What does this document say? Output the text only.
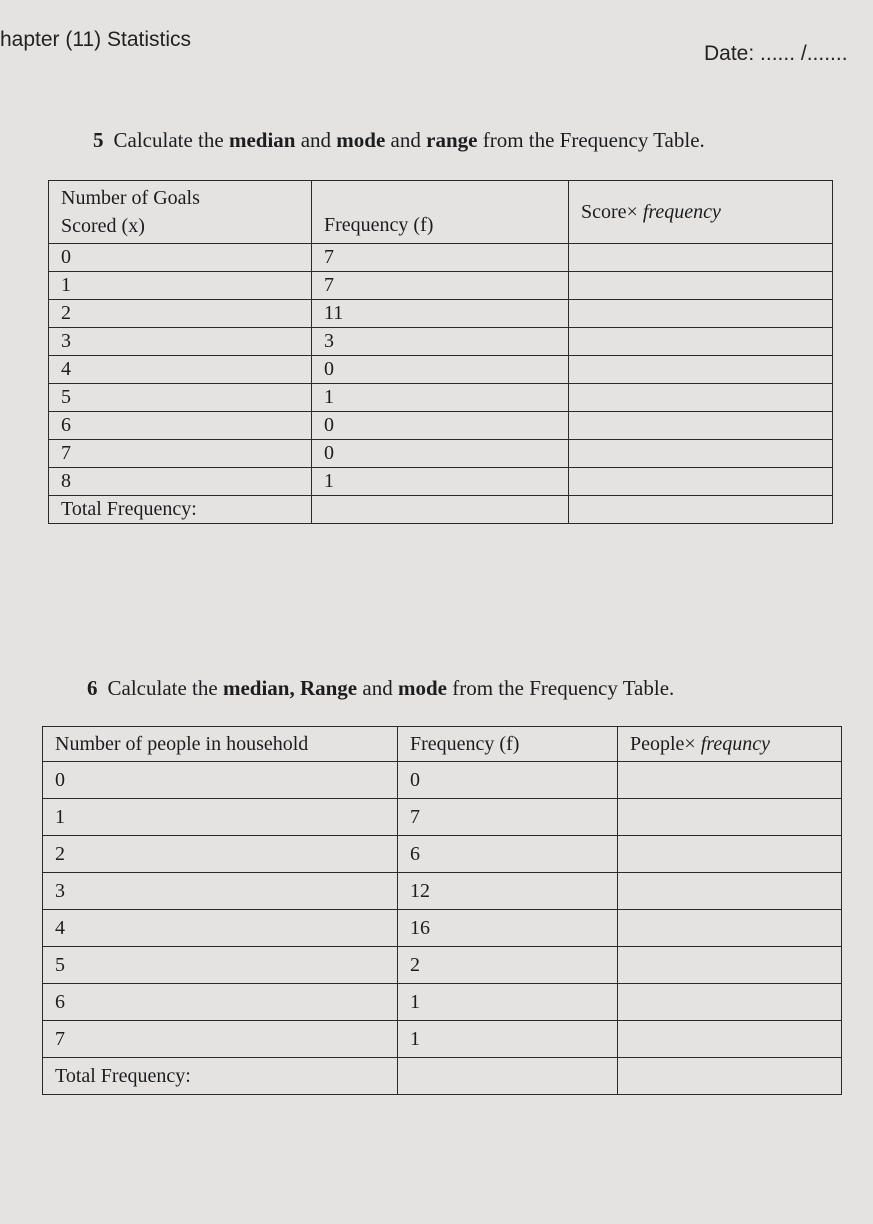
hapter (11) Statistics
Date: ...... /.......
5 Calculate the median and mode and range from the Frequency Table.
Number of Goals
Scored (x)	Frequency (f)	Score× frequency
0	7	
1	7	
2	11	
3	3	
4	0	
5	1	
6	0	
7	0	
8	1	
Total Frequency:		
6 Calculate the median, Range and mode from the Frequency Table.
Number of people in household	Frequency (f)	People× frequncy
0	0	
1	7	
2	6	
3	12	
4	16	
5	2	
6	1	
7	1	
Total Frequency:		
